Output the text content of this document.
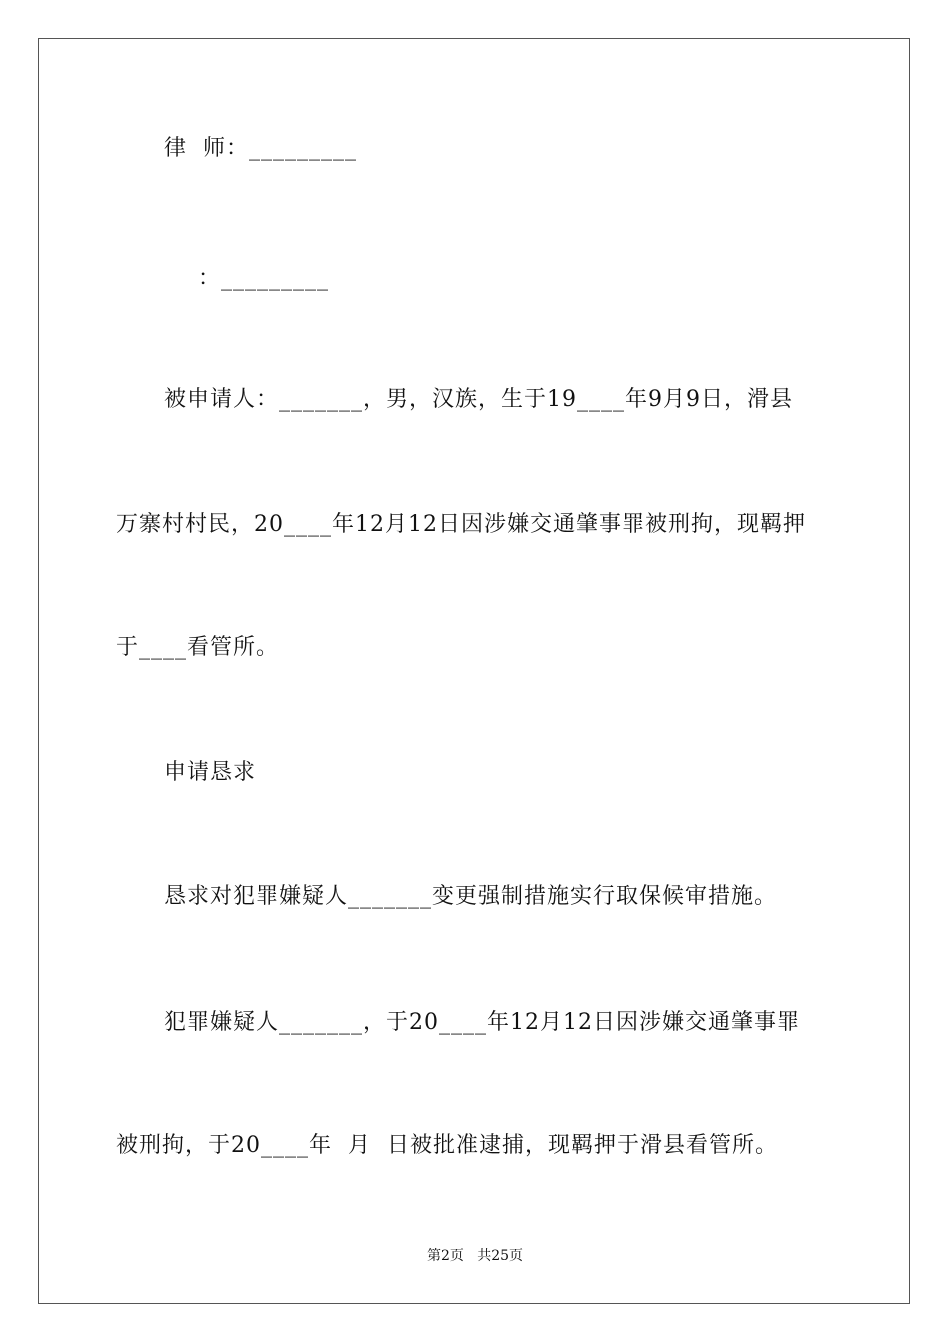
律  师：_________
：_________
被申请人：_______，男，汉族，生于19____年9月9日，滑县
万寨村村民，20____年12月12日因涉嫌交通肇事罪被刑拘，现羁押
于____看管所。
申请恳求
恳求对犯罪嫌疑人_______变更强制措施实行取保候审措施。
犯罪嫌疑人_______，于20____年12月12日因涉嫌交通肇事罪
被刑拘，于20____年  月  日被批准逮捕，现羁押于滑县看管所。
第2页   共25页
